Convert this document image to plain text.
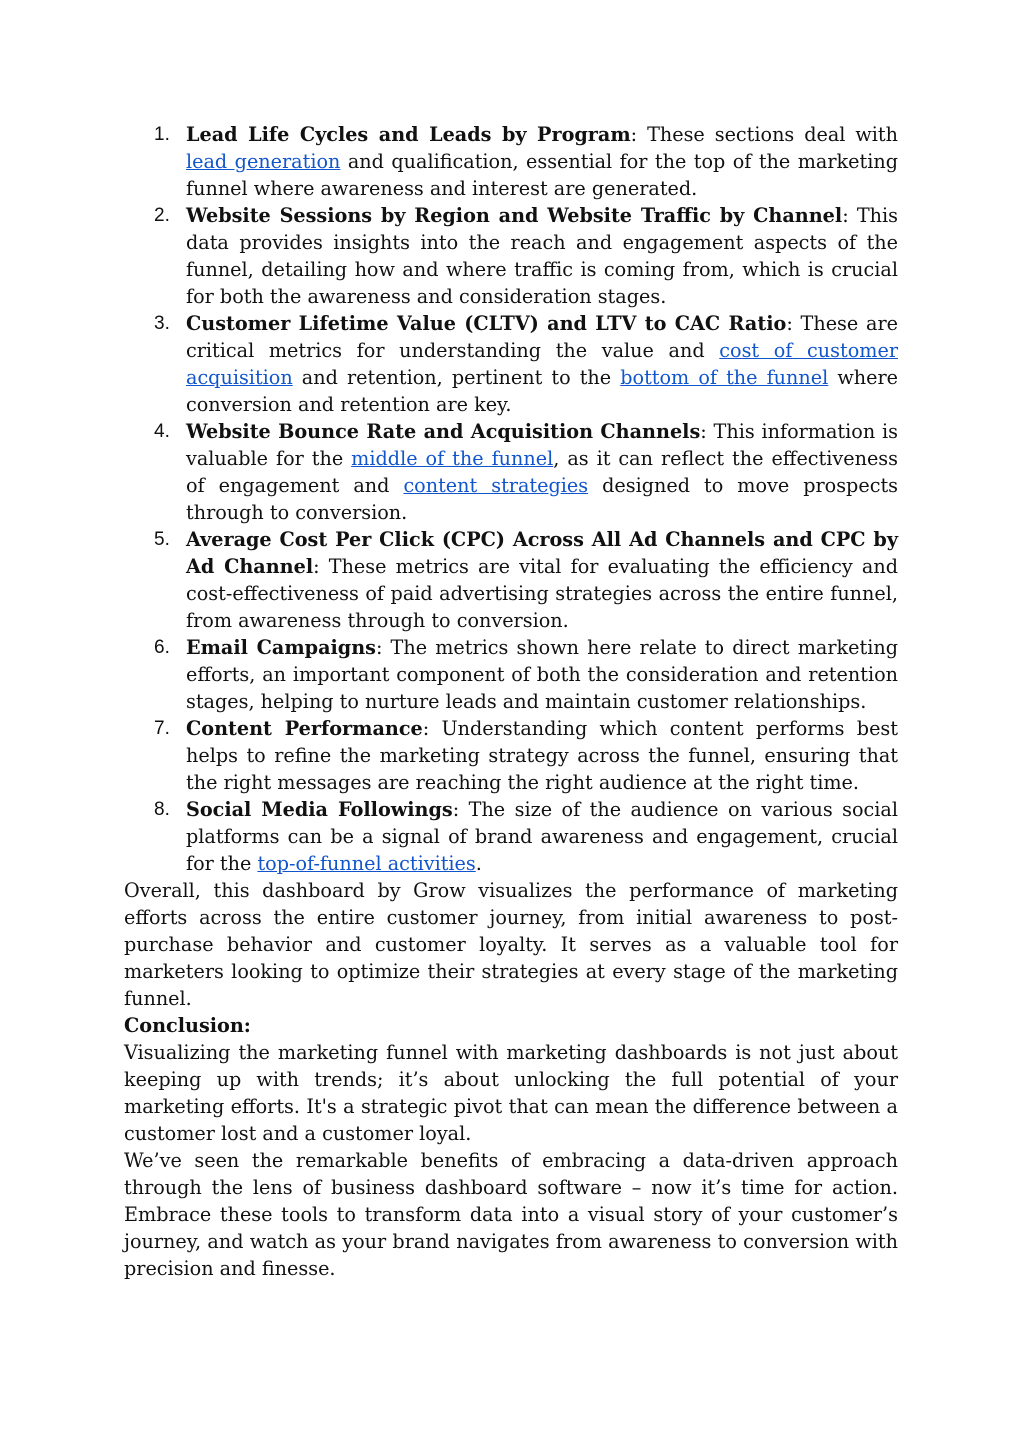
1. Lead Life Cycles and Leads by Program: These sections deal with lead generation and qualification, essential for the top of the marketing funnel where awareness and interest are generated.
2. Website Sessions by Region and Website Traffic by Channel: This data provides insights into the reach and engagement aspects of the funnel, detailing how and where traffic is coming from, which is crucial for both the awareness and consideration stages.
3. Customer Lifetime Value (CLTV) and LTV to CAC Ratio: These are critical metrics for understanding the value and cost of customer acquisition and retention, pertinent to the bottom of the funnel where conversion and retention are key.
4. Website Bounce Rate and Acquisition Channels: This information is valuable for the middle of the funnel, as it can reflect the effectiveness of engagement and content strategies designed to move prospects through to conversion.
5. Average Cost Per Click (CPC) Across All Ad Channels and CPC by Ad Channel: These metrics are vital for evaluating the efficiency and cost-effectiveness of paid advertising strategies across the entire funnel, from awareness through to conversion.
6. Email Campaigns: The metrics shown here relate to direct marketing efforts, an important component of both the consideration and retention stages, helping to nurture leads and maintain customer relationships.
7. Content Performance: Understanding which content performs best helps to refine the marketing strategy across the funnel, ensuring that the right messages are reaching the right audience at the right time.
8. Social Media Followings: The size of the audience on various social platforms can be a signal of brand awareness and engagement, crucial for the top-of-funnel activities.

Overall, this dashboard by Grow visualizes the performance of marketing efforts across the entire customer journey, from initial awareness to post-purchase behavior and customer loyalty. It serves as a valuable tool for marketers looking to optimize their strategies at every stage of the marketing funnel.

Conclusion:

Visualizing the marketing funnel with marketing dashboards is not just about keeping up with trends; it’s about unlocking the full potential of your marketing efforts. It's a strategic pivot that can mean the difference between a customer lost and a customer loyal.

We’ve seen the remarkable benefits of embracing a data-driven approach through the lens of business dashboard software – now it’s time for action. Embrace these tools to transform data into a visual story of your customer’s journey, and watch as your brand navigates from awareness to conversion with precision and finesse.
